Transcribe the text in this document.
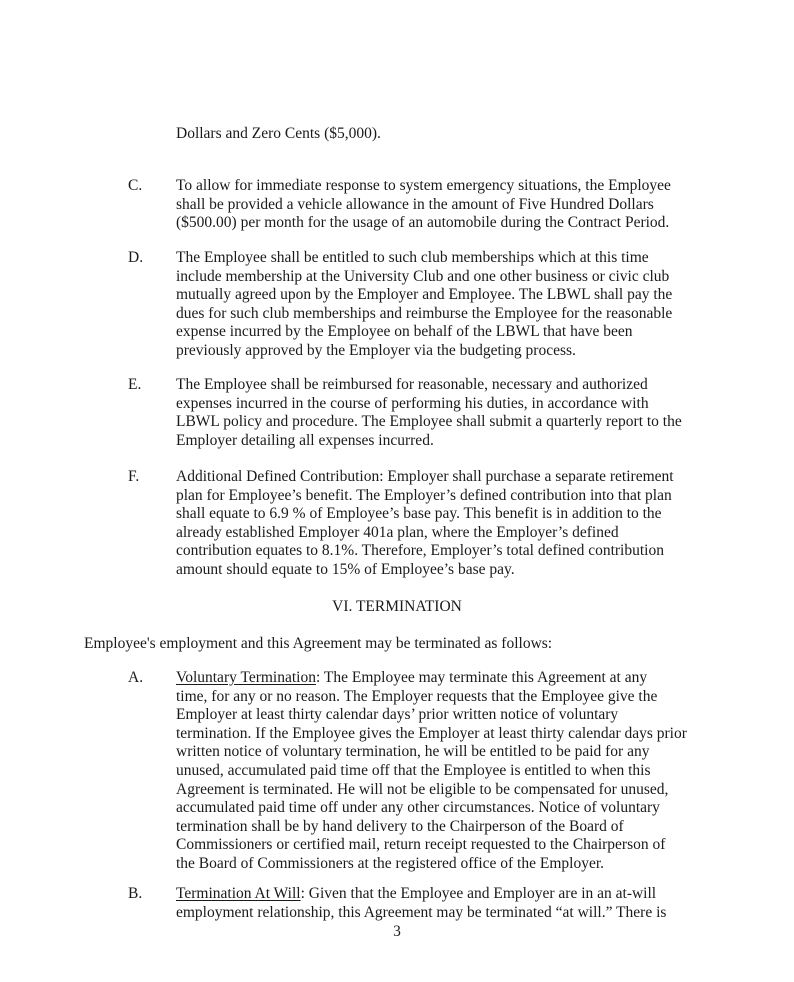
Dollars and Zero Cents ($5,000).
C. To allow for immediate response to system emergency situations, the Employee
shall be provided a vehicle allowance in the amount of Five Hundred Dollars
($500.00) per month for the usage of an automobile during the Contract Period.
D. The Employee shall be entitled to such club memberships which at this time
include membership at the University Club and one other business or civic club
mutually agreed upon by the Employer and Employee. The LBWL shall pay the
dues for such club memberships and reimburse the Employee for the reasonable
expense incurred by the Employee on behalf of the LBWL that have been
previously approved by the Employer via the budgeting process.
E. The Employee shall be reimbursed for reasonable, necessary and authorized
expenses incurred in the course of performing his duties, in accordance with
LBWL policy and procedure. The Employee shall submit a quarterly report to the
Employer detailing all expenses incurred.
F. Additional Defined Contribution: Employer shall purchase a separate retirement
plan for Employee’s benefit. The Employer’s defined contribution into that plan
shall equate to 6.9 % of Employee’s base pay. This benefit is in addition to the
already established Employer 401a plan, where the Employer’s defined
contribution equates to 8.1%. Therefore, Employer’s total defined contribution
amount should equate to 15% of Employee’s base pay.
VI. TERMINATION
Employee's employment and this Agreement may be terminated as follows:
A. Voluntary Termination: The Employee may terminate this Agreement at any
time, for any or no reason. The Employer requests that the Employee give the
Employer at least thirty calendar days’ prior written notice of voluntary
termination. If the Employee gives the Employer at least thirty calendar days prior
written notice of voluntary termination, he will be entitled to be paid for any
unused, accumulated paid time off that the Employee is entitled to when this
Agreement is terminated. He will not be eligible to be compensated for unused,
accumulated paid time off under any other circumstances. Notice of voluntary
termination shall be by hand delivery to the Chairperson of the Board of
Commissioners or certified mail, return receipt requested to the Chairperson of
the Board of Commissioners at the registered office of the Employer.
B. Termination At Will: Given that the Employee and Employer are in an at-will
employment relationship, this Agreement may be terminated “at will.” There is
3
